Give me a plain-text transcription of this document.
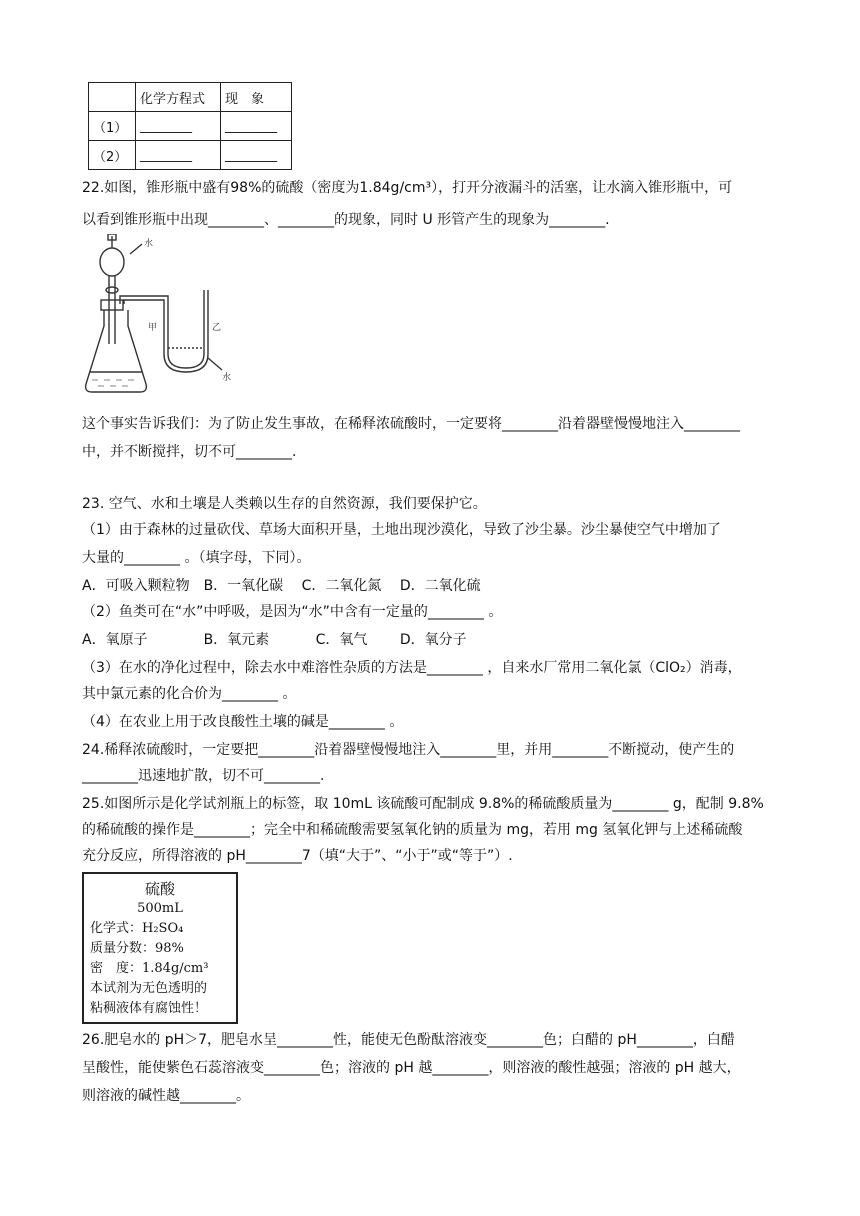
	化学方程式	现　象
（1）	________	________
（2）	________	________
22.如图，锥形瓶中盛有98%的硫酸（密度为1.84g/cm³），打开分液漏斗的活塞，让水滴入锥形瓶中，可
以看到锥形瓶中出现________、________的现象，同时 U 形管产生的现象为________.
水
甲	乙
水
这个事实告诉我们：为了防止发生事故，在稀释浓硫酸时，一定要将________沿着器壁慢慢地注入________
中，并不断搅拌，切不可________.
23. 空气、水和土壤是人类赖以生存的自然资源，我们要保护它。
（1）由于森林的过量砍伐、草场大面积开垦，土地出现沙漠化，导致了沙尘暴。沙尘暴使空气中增加了
大量的________ 。（填字母，下同）。
A．可吸入颗粒物　B．一氧化碳　 C．二氧化氮　 D．二氧化硫
（2）鱼类可在“水”中呼吸，是因为“水”中含有一定量的________ 。
A．氧原子　　　　B．氧元素　　　 C．氧气　　 D．氧分子
（3）在水的净化过程中，除去水中难溶性杂质的方法是________ ，自来水厂常用二氧化氯（ClO₂）消毒，
其中氯元素的化合价为________ 。
（4）在农业上用于改良酸性土壤的碱是________ 。
24.稀释浓硫酸时，一定要把________沿着器壁慢慢地注入________里，并用________不断搅动，使产生的
________迅速地扩散，切不可________.
25.如图所示是化学试剂瓶上的标签，取 10mL 该硫酸可配制成 9.8%的稀硫酸质量为________ g，配制 9.8%
的稀硫酸的操作是________；完全中和稀硫酸需要氢氧化钠的质量为 mg，若用 mg 氢氧化钾与上述稀硫酸
充分反应，所得溶液的 pH________7（填“大于”、“小于”或“等于”）.
硫酸
500mL
化学式：H₂SO₄
质量分数：98%
密　度：1.84g/cm³
本试剂为无色透明的
粘稠液体有腐蚀性！
26.肥皂水的 pH＞7，肥皂水呈________性，能使无色酚酞溶液变________色；白醋的 pH________，白醋
呈酸性，能使紫色石蕊溶液变________色；溶液的 pH 越________，则溶液的酸性越强；溶液的 pH 越大，
则溶液的碱性越________。
